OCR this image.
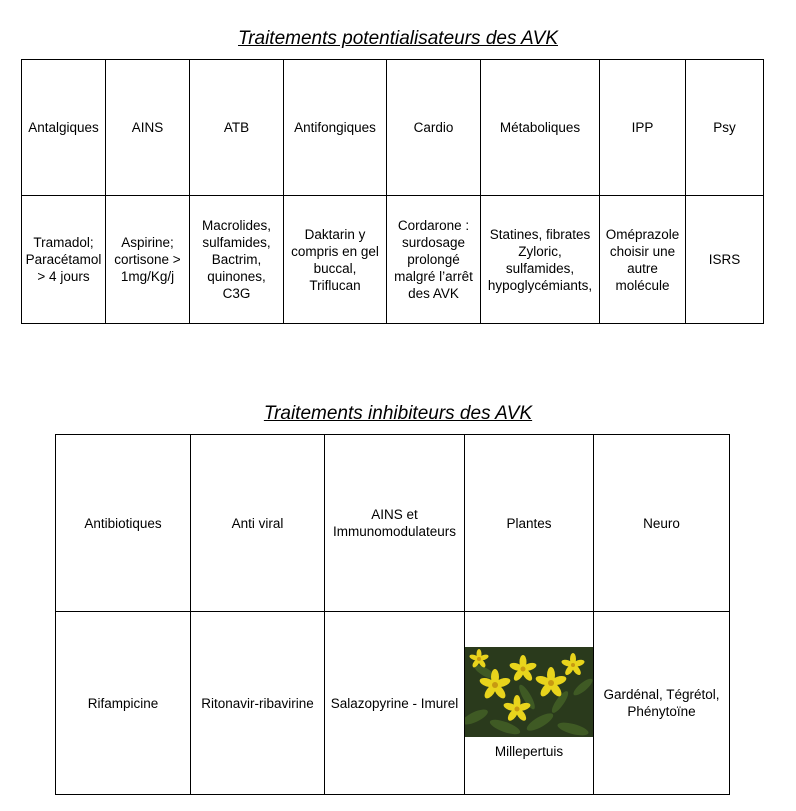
Traitements potentialisateurs des AVK
Antalgiques	AINS	ATB	Antifongiques	Cardio	Métaboliques	IPP	Psy
Tramadol;
Paracétamol
> 4 jours	Aspirine;
cortisone >
1mg/Kg/j	Macrolides,
sulfamides,
Bactrim,
quinones,
C3G	Daktarin y
compris en gel
buccal,
Triflucan	Cordarone :
surdosage
prolongé
malgré l’arrêt
des AVK	Statines, fibrates
Zyloric,
sulfamides,
hypoglycémiants,	Oméprazole
choisir une
autre
molécule	ISRS
Traitements inhibiteurs des AVK
Antibiotiques	Anti viral	AINS et
Immunomodulateurs	Plantes	Neuro
Rifampicine	Ritonavir-ribavirine	Salazopyrine - Imurel	Millepertuis	Gardénal, Tégrétol,
Phénytoïne
